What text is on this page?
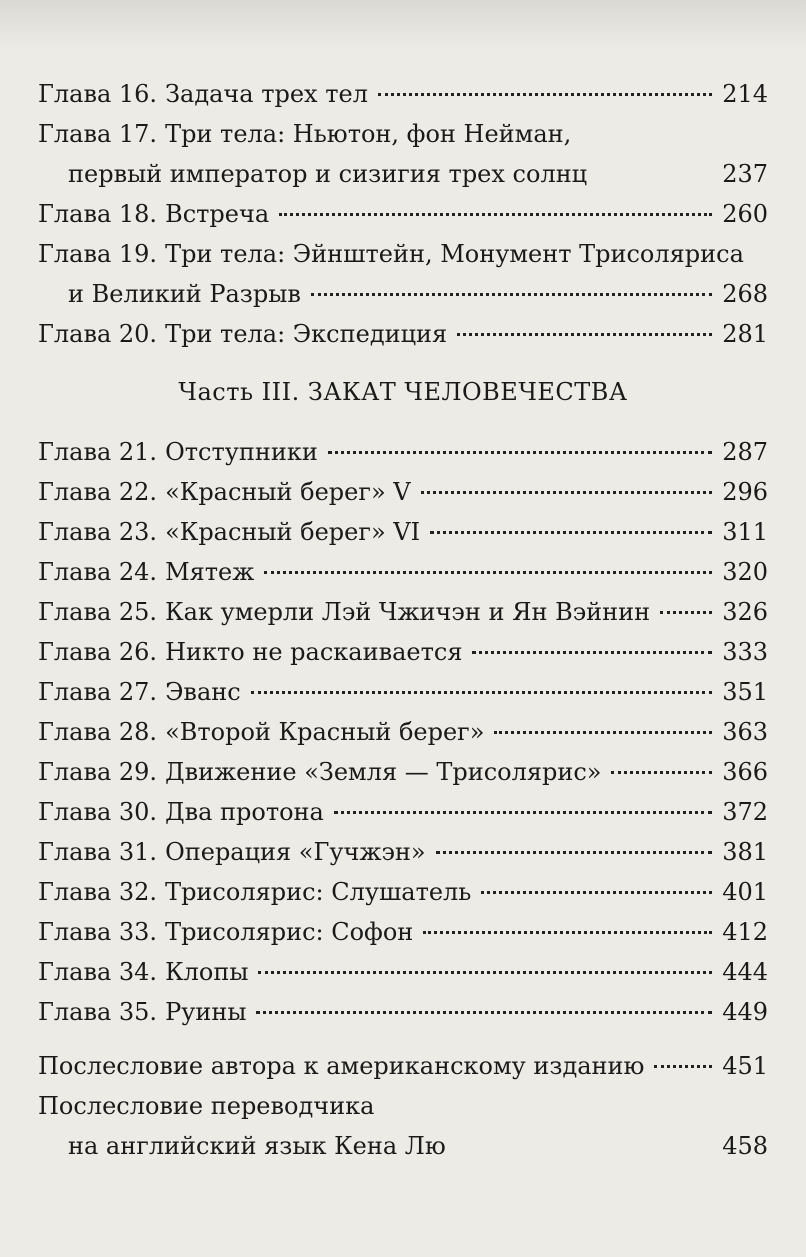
Глава 16. Задача трех тел	214
Глава 17. Три тела: Ньютон, фон Нейман,
первый император и сизигия трех солнц	237
Глава 18. Встреча	260
Глава 19. Три тела: Эйнштейн, Монумент Трисоляриса
и Великий Разрыв	268
Глава 20. Три тела: Экспедиция	281
Часть III. ЗАКАТ ЧЕЛОВЕЧЕСТВА
Глава 21. Отступники	287
Глава 22. «Красный берег» V	296
Глава 23. «Красный берег» VI	311
Глава 24. Мятеж	320
Глава 25. Как умерли Лэй Чжичэн и Ян Вэйнин	326
Глава 26. Никто не раскаивается	333
Глава 27. Эванс	351
Глава 28. «Второй Красный берег»	363
Глава 29. Движение «Земля — Трисолярис»	366
Глава 30. Два протона	372
Глава 31. Операция «Гучжэн»	381
Глава 32. Трисолярис: Слушатель	401
Глава 33. Трисолярис: Софон	412
Глава 34. Клопы	444
Глава 35. Руины	449
Послесловие автора к американскому изданию	451
Послесловие переводчика
на английский язык Кена Лю	458
